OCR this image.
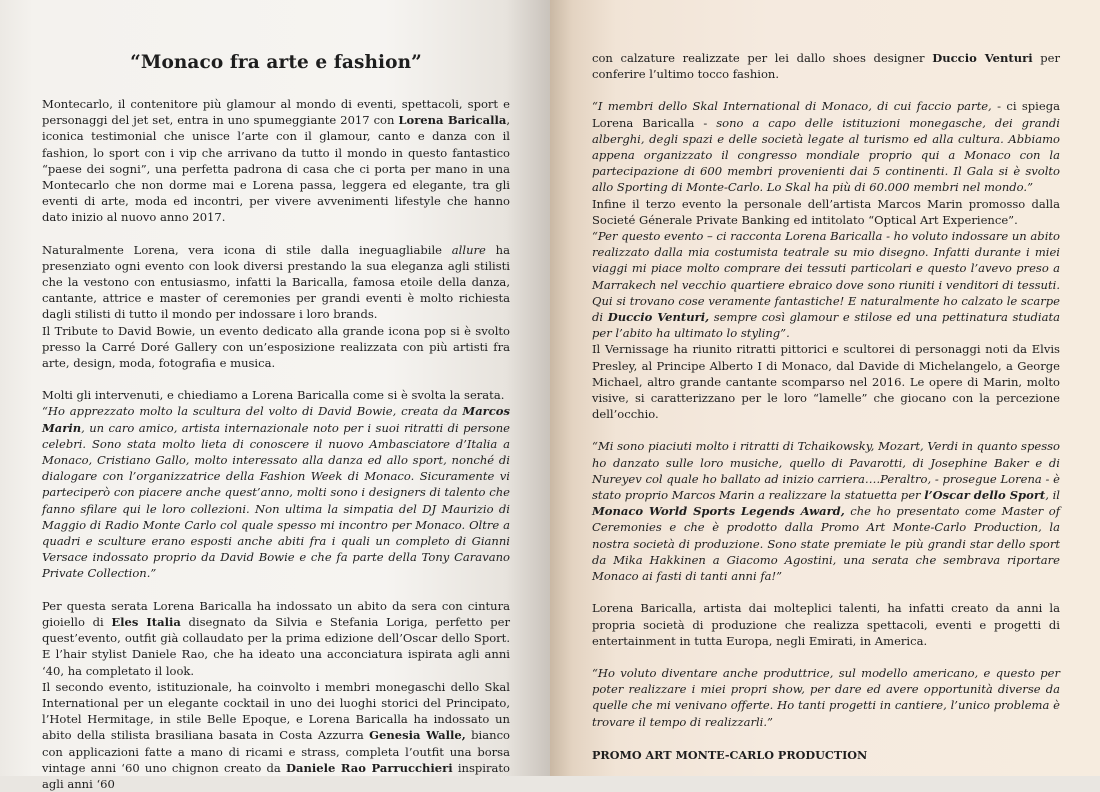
“Monaco fra arte e fashion”

Montecarlo, il contenitore più glamour al mondo di eventi, spettacoli, sport e personaggi del jet set, entra in uno spumeggiante 2017 con Lorena Baricalla, iconica testimonial che unisce l’arte con il glamour, canto e danza con il fashion, lo sport con i vip che arrivano da tutto il mondo in questo fantastico “paese dei sogni”, una perfetta padrona di casa che ci porta per mano in una Montecarlo che non dorme mai e Lorena passa, leggera ed elegante, tra gli eventi di arte, moda ed incontri, per vivere avvenimenti lifestyle che hanno dato inizio al nuovo anno 2017.

Naturalmente Lorena, vera icona di stile dalla ineguagliabile allure ha presenziato ogni evento con look diversi prestando la sua eleganza agli stilisti che la vestono con entusiasmo, infatti la Baricalla, famosa etoile della danza, cantante, attrice e master of ceremonies per grandi eventi è molto richiesta dagli stilisti di tutto il mondo per indossare i loro brands.

Il Tribute to David Bowie, un evento dedicato alla grande icona pop si è svolto presso la Carré Doré Gallery con un’esposizione realizzata con più artisti fra arte, design, moda, fotografia e musica.

Molti gli intervenuti, e chiediamo a Lorena Baricalla come si è svolta la serata.

“Ho apprezzato molto la scultura del volto di David Bowie, creata da Marcos Marin, un caro amico, artista internazionale noto per i suoi ritratti di persone celebri. Sono stata molto lieta di conoscere il nuovo Ambasciatore d’Italia a Monaco, Cristiano Gallo, molto interessato alla danza ed allo sport, nonché di dialogare con l’organizzatrice della Fashion Week di Monaco. Sicuramente vi parteciperò con piacere anche quest’anno, molti sono i designers di talento che fanno sfilare qui le loro collezioni. Non ultima la simpatia del DJ Maurizio di Maggio di Radio Monte Carlo col quale spesso mi incontro per Monaco. Oltre a quadri e sculture erano esposti anche abiti fra i quali un completo di Gianni Versace indossato proprio da David Bowie e che fa parte della Tony Caravano Private Collection.”

Per questa serata Lorena Baricalla ha indossato un abito da sera con cintura gioiello di Eles Italia disegnato da Silvia e Stefania Loriga, perfetto per quest’evento, outfit già collaudato per la prima edizione dell’Oscar dello Sport. E l’hair stylist Daniele Rao, che ha ideato una acconciatura ispirata agli anni ‘40, ha completato il look.

Il secondo evento, istituzionale, ha coinvolto i membri monegaschi dello Skal International per un elegante cocktail in uno dei luoghi storici del Principato, l’Hotel Hermitage, in stile Belle Epoque, e Lorena Baricalla ha indossato un abito della stilista brasiliana basata in Costa Azzurra Genesia Walle, bianco con applicazioni fatte a mano di ricami e strass, completa l’outfit una borsa vintage anni ‘60 uno chignon creato da Daniele Rao Parrucchieri inspirato agli anni ‘60

con calzature realizzate per lei dallo shoes designer Duccio Venturi per conferire l’ultimo tocco fashion.

“I membri dello Skal International di Monaco, di cui faccio parte, - ci spiega Lorena Baricalla - sono a capo delle istituzioni monegasche, dei grandi alberghi, degli spazi e delle società legate al turismo ed alla cultura. Abbiamo appena organizzato il congresso mondiale proprio qui a Monaco con la partecipazione di 600 membri provenienti dai 5 continenti. Il Gala si è svolto allo Sporting di Monte-Carlo. Lo Skal ha più di 60.000 membri nel mondo.”

Infine il terzo evento la personale dell’artista Marcos Marin promosso dalla Societé Génerale Private Banking ed intitolato “Optical Art Experience”.

“Per questo evento – ci racconta Lorena Baricalla - ho voluto indossare un abito realizzato dalla mia costumista teatrale su mio disegno. Infatti durante i miei viaggi mi piace molto comprare dei tessuti particolari e questo l’avevo preso a Marrakech nel vecchio quartiere ebraico dove sono riuniti i venditori di tessuti. Qui si trovano cose veramente fantastiche! E naturalmente ho calzato le scarpe di Duccio Venturi, sempre così glamour e stilose ed una pettinatura studiata per l’abito ha ultimato lo styling”.

Il Vernissage ha riunito ritratti pittorici e scultorei di personaggi noti da Elvis Presley, al Principe Alberto I di Monaco, dal Davide di Michelangelo, a George Michael, altro grande cantante scomparso nel 2016. Le opere di Marin, molto visive, si caratterizzano per le loro “lamelle” che giocano con la percezione dell’occhio.

“Mi sono piaciuti molto i ritratti di Tchaikowsky, Mozart, Verdi in quanto spesso ho danzato sulle loro musiche, quello di Pavarotti, di Josephine Baker e di Nureyev col quale ho ballato ad inizio carriera….Peraltro, - prosegue Lorena - è stato proprio Marcos Marin a realizzare la statuetta per l’Oscar dello Sport, il Monaco World Sports Legends Award, che ho presentato come Master of Ceremonies e che è prodotto dalla Promo Art Monte-Carlo Production, la nostra società di produzione. Sono state premiate le più grandi star dello sport da Mika Hakkinen a Giacomo Agostini, una serata che sembrava riportare Monaco ai fasti di tanti anni fa!”

Lorena Baricalla, artista dai molteplici talenti, ha infatti creato da anni la propria società di produzione che realizza spettacoli, eventi e progetti di entertainment in tutta Europa, negli Emirati, in America.

“Ho voluto diventare anche produttrice, sul modello americano, e questo per poter realizzare i miei propri show, per dare ed avere opportunità diverse da quelle che mi venivano offerte. Ho tanti progetti in cantiere, l’unico problema è trovare il tempo di realizzarli.”

PROMO ART MONTE-CARLO PRODUCTION
